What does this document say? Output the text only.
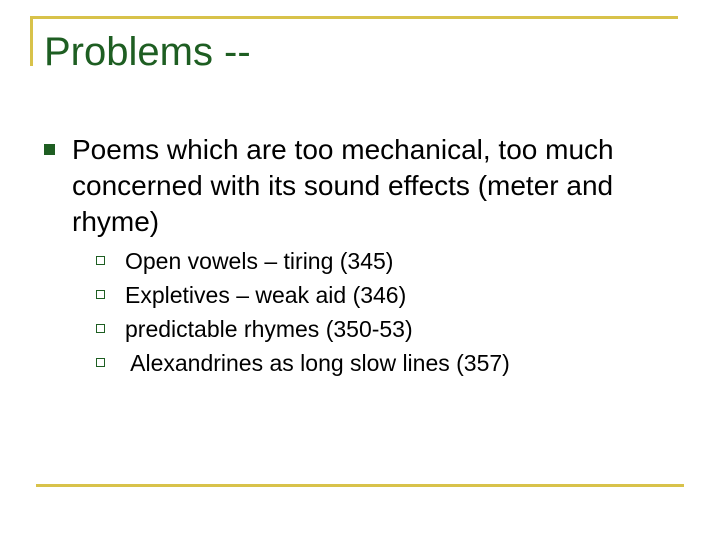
Problems --

Poems which are too mechanical, too much concerned with its sound effects (meter and rhyme)

Open vowels – tiring (345)
Expletives – weak aid (346)
predictable rhymes (350-53)
Alexandrines as long slow lines (357)
